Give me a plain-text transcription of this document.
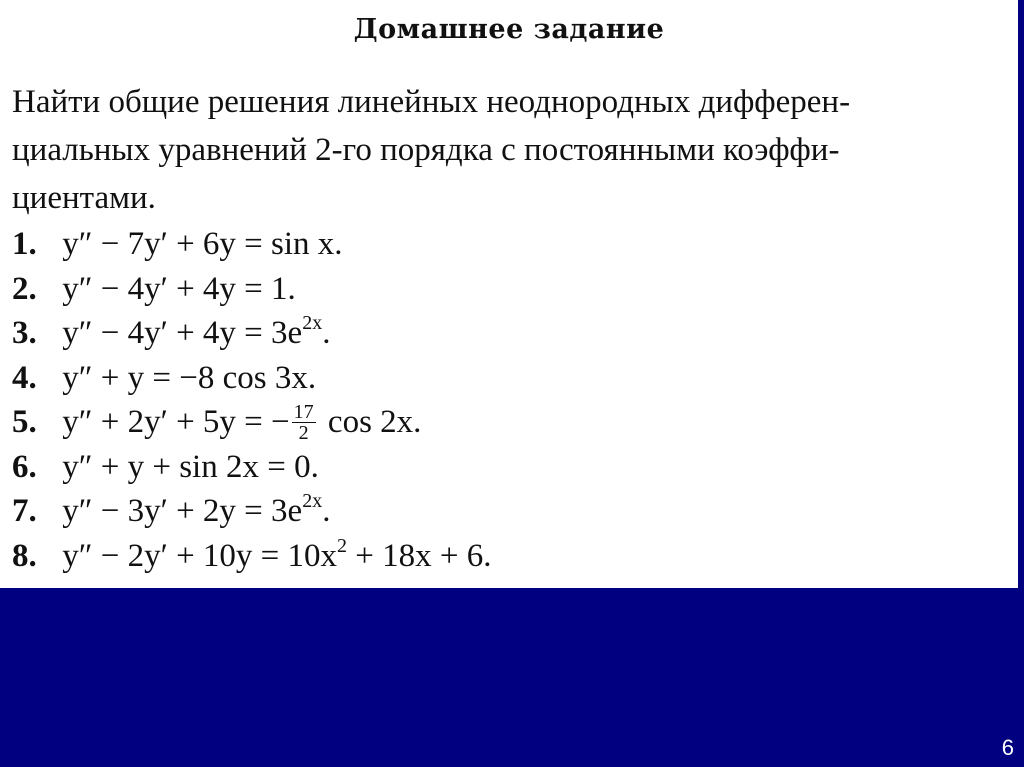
Домашнее задание

Найти общие решения линейных неоднородных дифферен-
циальных уравнений 2-го порядка с постоянными коэффи-
циентами.

1. y″ − 7y′ + 6y = sin x.
2. y″ − 4y′ + 4y = 1.
3. $y'' - 4y' + 4y = 3e^{2x}$.
4. y″ + y = −8 cos 3x.
5. y″ + 2y′ + 5y = − $\frac{17}{2}$ cos 2x.
6. y″ + y + sin 2x = 0.
7. $y'' - 3y' + 2y = 3e^{2x}$.
8. $y'' - 2y' + 10y = 10x^2 + 18x + 6$.
6
